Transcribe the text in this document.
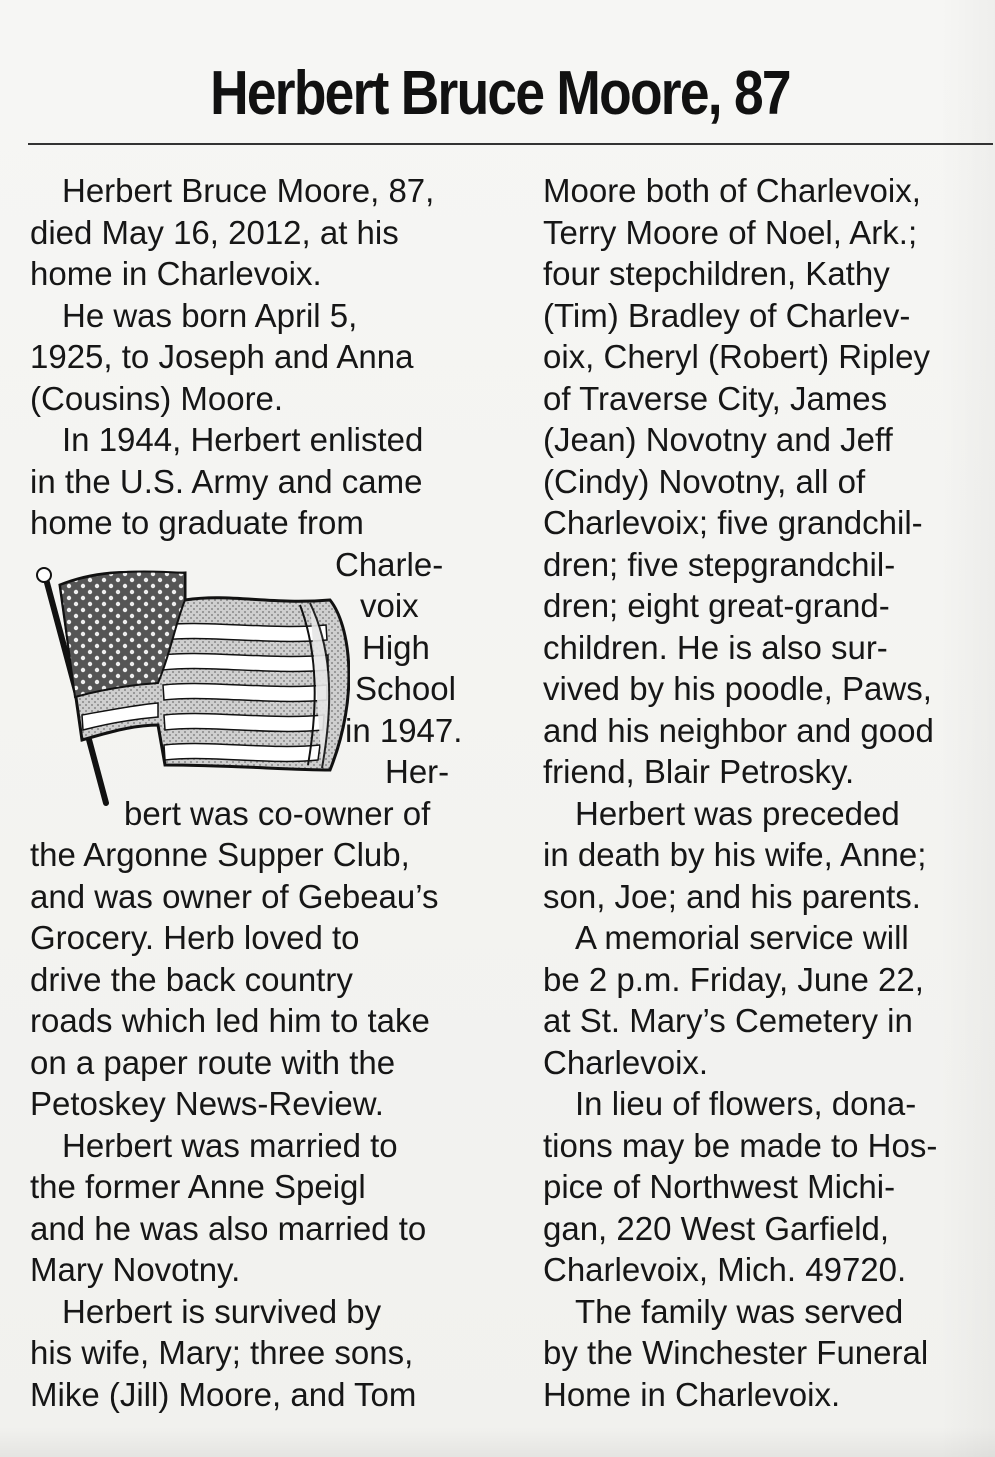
Herbert Bruce Moore, 87
Herbert Bruce Moore, 87,
died May 16, 2012, at his
home in Charlevoix.
He was born April 5,
1925, to Joseph and Anna
(Cousins) Moore.
In 1944, Herbert enlisted
in the U.S. Army and came
home to graduate from
Charle-
voix
High
School
in 1947.
Her-
bert was co-owner of
the Argonne Supper Club,
and was owner of Gebeau’s
Grocery. Herb loved to
drive the back country
roads which led him to take
on a paper route with the
Petoskey News-Review.
Herbert was married to
the former Anne Speigl
and he was also married to
Mary Novotny.
Herbert is survived by
his wife, Mary; three sons,
Mike (Jill) Moore, and Tom
Moore both of Charlevoix,
Terry Moore of Noel, Ark.;
four stepchildren, Kathy
(Tim) Bradley of Charlev-
oix, Cheryl (Robert) Ripley
of Traverse City, James
(Jean) Novotny and Jeff
(Cindy) Novotny, all of
Charlevoix; five grandchil-
dren; five stepgrandchil-
dren; eight great-grand-
children. He is also sur-
vived by his poodle, Paws,
and his neighbor and good
friend, Blair Petrosky.
Herbert was preceded
in death by his wife, Anne;
son, Joe; and his parents.
A memorial service will
be 2 p.m. Friday, June 22,
at St. Mary’s Cemetery in
Charlevoix.
In lieu of flowers, dona-
tions may be made to Hos-
pice of Northwest Michi-
gan, 220 West Garfield,
Charlevoix, Mich. 49720.
The family was served
by the Winchester Funeral
Home in Charlevoix.
